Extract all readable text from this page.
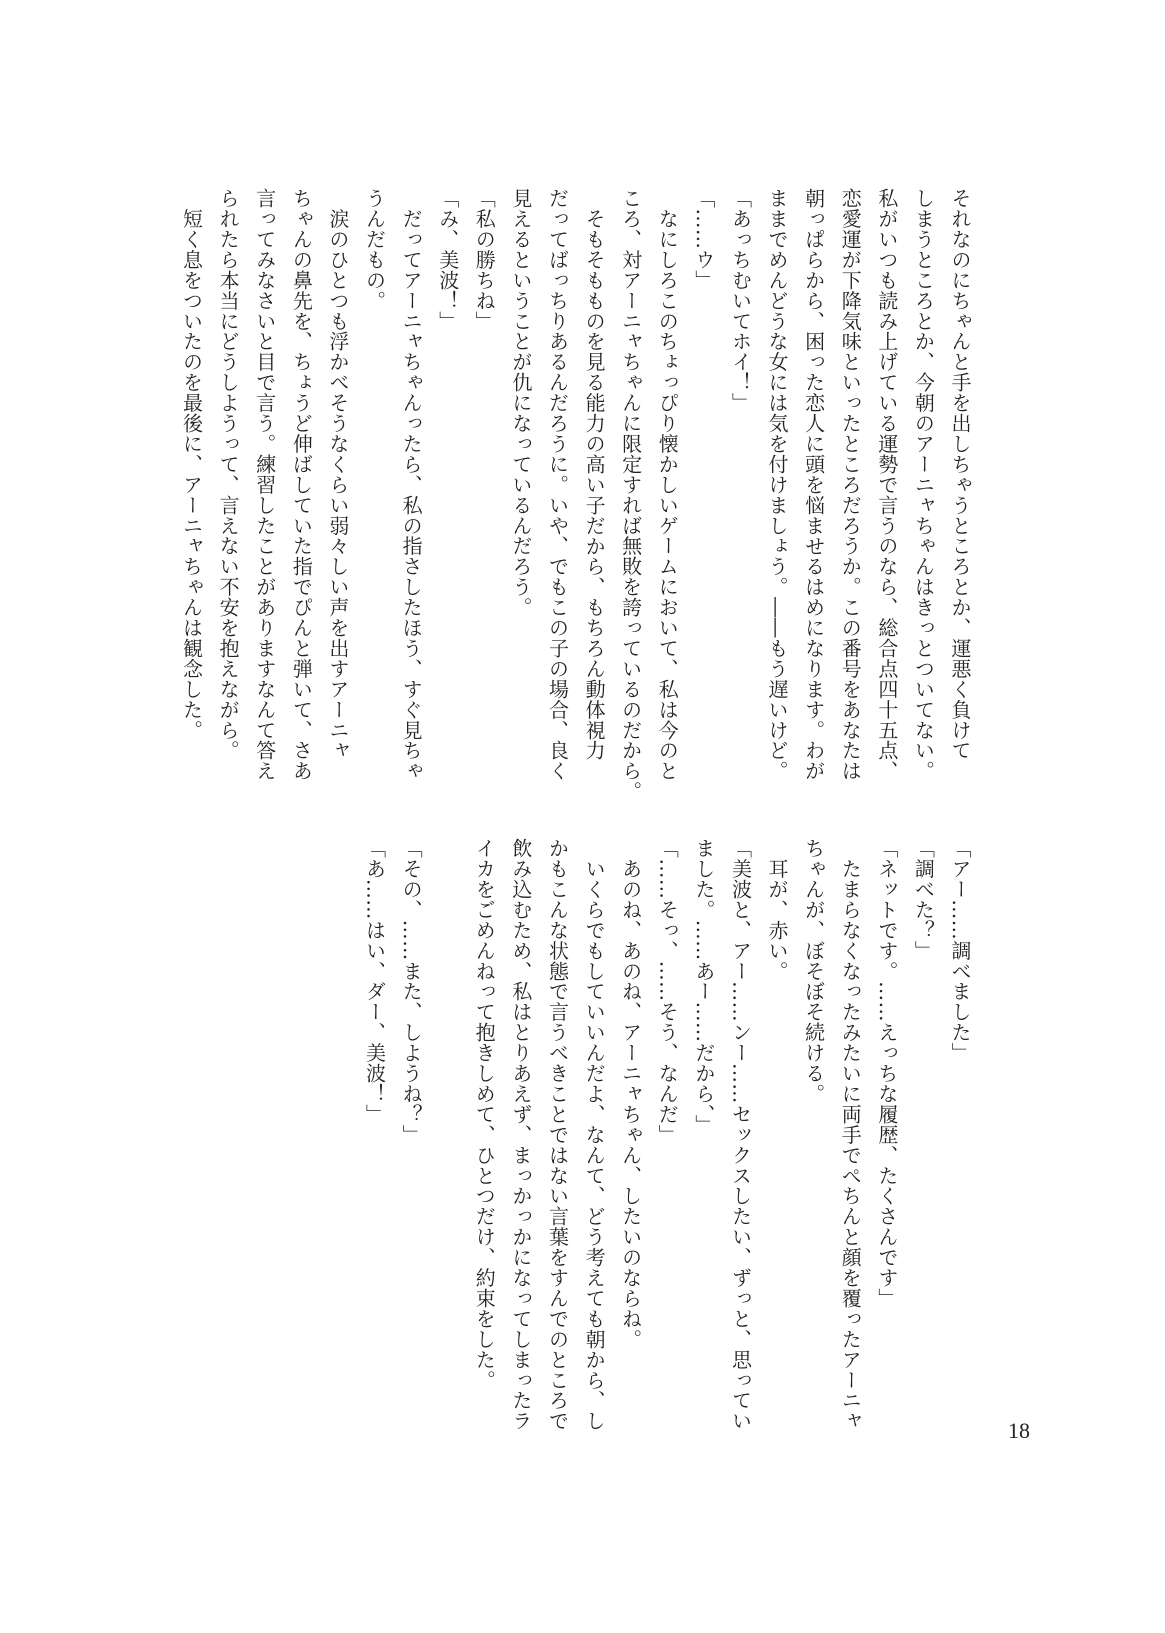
それなのにちゃんと手を出しちゃうところとか、運悪く負けて
しまうところとか、今朝のアーニャちゃんはきっとついてない。
私がいつも読み上げている運勢で言うのなら、総合点四十五点、
恋愛運が下降気味といったところだろうか。この番号をあなたは
朝っぱらから、困った恋人に頭を悩ませるはめになります。わが
ままでめんどうな女には気を付けましょう。――もう遅いけど。
「あっちむいてホイ！」
「……ウ」
　なにしろこのちょっぴり懐かしいゲームにおいて、私は今のと
ころ、対アーニャちゃんに限定すれば無敗を誇っているのだから。
　そもそもものを見る能力の高い子だから、もちろん動体視力
だってばっちりあるんだろうに。いや、でもこの子の場合、良く
見えるということが仇になっているんだろう。
「私の勝ちね」
「み、美波！」
　だってアーニャちゃんったら、私の指さしたほう、すぐ見ちゃ
うんだもの。
　涙のひとつも浮かべそうなくらい弱々しい声を出すアーニャ
ちゃんの鼻先を、ちょうど伸ばしていた指でぴんと弾いて、さあ
言ってみなさいと目で言う。練習したことがありますなんて答え
られたら本当にどうしようって、言えない不安を抱えながら。
　短く息をついたのを最後に、アーニャちゃんは観念した。
「アー……調べました」
「調べた？」
「ネットです。……えっちな履歴、たくさんです」
　たまらなくなったみたいに両手でぺちんと顔を覆ったアーニャ
ちゃんが、ぼそぼそ続ける。
　耳が、赤い。
「美波と、アー……ンー……セックスしたい、ずっと、思ってい
ました。……あー……だから、」
「……そっ、……そう、なんだ」
　あのね、あのね、アーニャちゃん、したいのならね。
　いくらでもしていいんだよ、なんて、どう考えても朝から、し
かもこんな状態で言うべきことではない言葉をすんでのところで
飲み込むため、私はとりあえず、まっかっかになってしまったラ
イカをごめんねって抱きしめて、ひとつだけ、約束をした。
「その、……また、しようね？」
「あ……はい、ダー、美波！」
18
